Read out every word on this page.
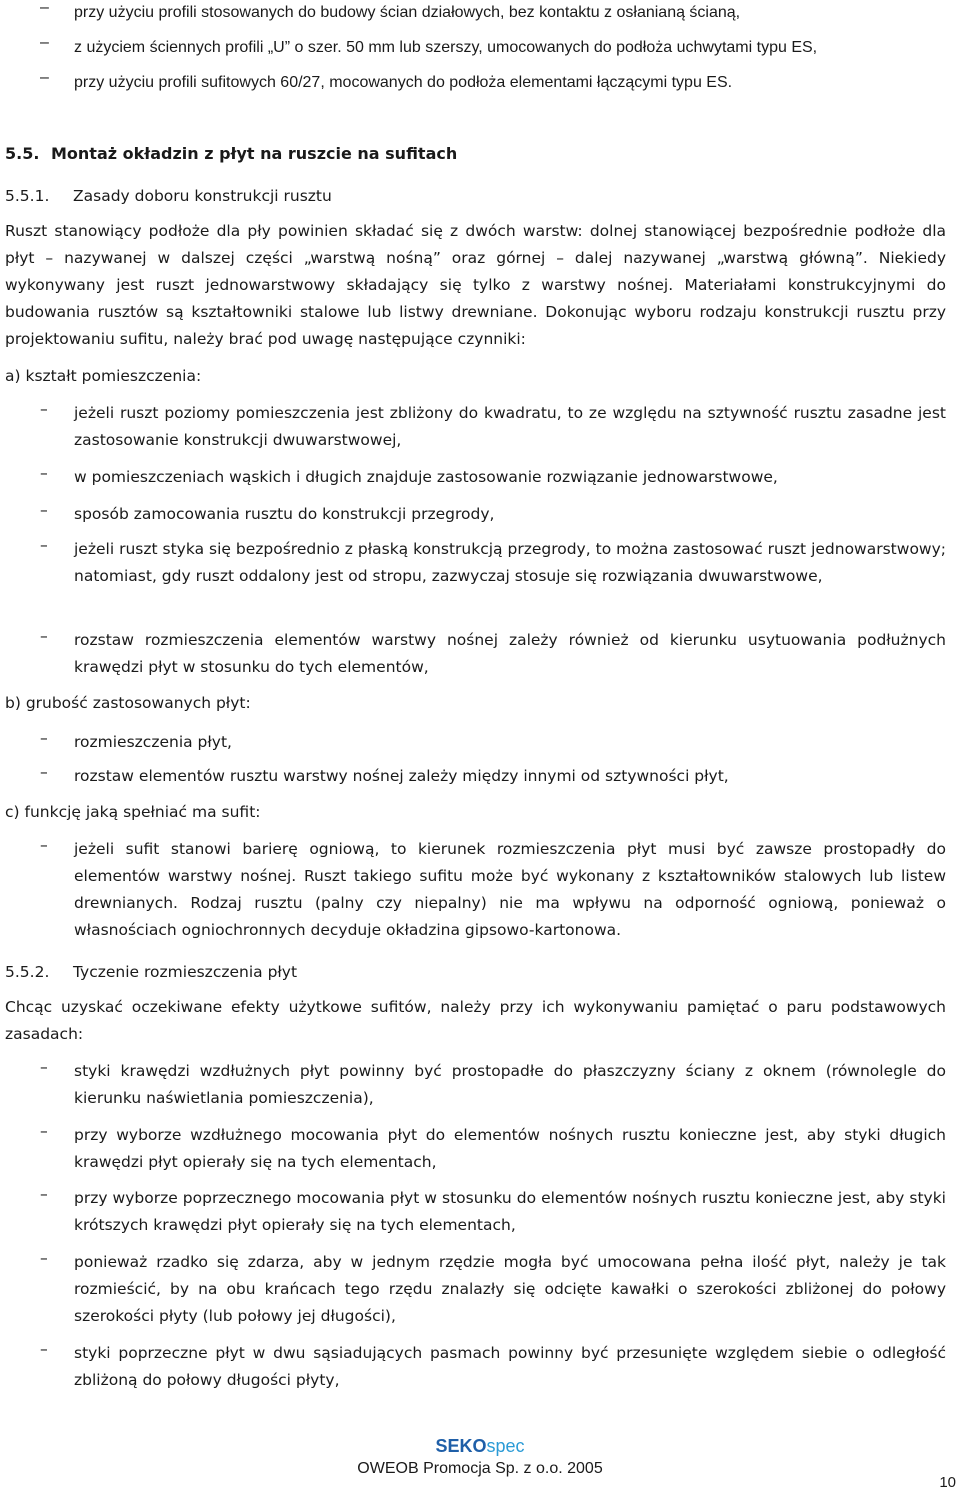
–	przy użyciu profili stosowanych do budowy ścian działowych, bez kontaktu z osłanianą ścianą,
–	z użyciem ściennych profili „U” o szer. 50 mm lub szerszy, umocowanych do podłoża uchwytami typu ES,
–	przy użyciu profili sufitowych 60/27, mocowanych do podłoża elementami łączącymi typu ES.
5.5. Montaż okładzin z płyt na ruszcie na sufitach
5.5.1. Zasady doboru konstrukcji rusztu
Ruszt stanowiący podłoże dla pły powinien składać się z dwóch warstw: dolnej stanowiącej bezpośrednie podłoże dla płyt – nazywanej w dalszej części „warstwą nośną” oraz górnej – dalej nazywanej „warstwą główną”. Niekiedy wykonywany jest ruszt jednowarstwowy składający się tylko z warstwy nośnej. Materiałami konstrukcyjnymi do budowania rusztów są kształtowniki stalowe lub listwy drewniane. Dokonując wyboru rodzaju konstrukcji rusztu przy projektowaniu sufitu, należy brać pod uwagę następujące czynniki:
a) kształt pomieszczenia:
–	jeżeli ruszt poziomy pomieszczenia jest zbliżony do kwadratu, to ze względu na sztywność rusztu zasadne jest zastosowanie konstrukcji dwuwarstwowej,
–	w pomieszczeniach wąskich i długich znajduje zastosowanie rozwiązanie jednowarstwowe,
–	sposób zamocowania rusztu do konstrukcji przegrody,
–	jeżeli ruszt styka się bezpośrednio z płaską konstrukcją przegrody, to można zastosować ruszt jednowarstwowy; natomiast, gdy ruszt oddalony jest od stropu, zazwyczaj stosuje się rozwiązania dwuwarstwowe,
–	rozstaw rozmieszczenia elementów warstwy nośnej zależy również od kierunku usytuowania podłużnych krawędzi płyt w stosunku do tych elementów,
b) grubość zastosowanych płyt:
–	rozmieszczenia płyt,
–	rozstaw elementów rusztu warstwy nośnej zależy między innymi od sztywności płyt,
c) funkcję jaką spełniać ma sufit:
–	jeżeli sufit stanowi barierę ogniową, to kierunek rozmieszczenia płyt musi być zawsze prostopadły do elementów warstwy nośnej. Ruszt takiego sufitu może być wykonany z kształtowników stalowych lub listew drewnianych. Rodzaj rusztu (palny czy niepalny) nie ma wpływu na odporność ogniową, ponieważ o własnościach ogniochronnych decyduje okładzina gipsowo-kartonowa.
5.5.2. Tyczenie rozmieszczenia płyt
Chcąc uzyskać oczekiwane efekty użytkowe sufitów, należy przy ich wykonywaniu pamiętać o paru podstawowych zasadach:
–	styki krawędzi wzdłużnych płyt powinny być prostopadłe do płaszczyzny ściany z oknem (równolegle do kierunku naświetlania pomieszczenia),
–	przy wyborze wzdłużnego mocowania płyt do elementów nośnych rusztu konieczne jest, aby styki długich krawędzi płyt opierały się na tych elementach,
–	przy wyborze poprzecznego mocowania płyt w stosunku do elementów nośnych rusztu konieczne jest, aby styki krótszych krawędzi płyt opierały się na tych elementach,
–	ponieważ rzadko się zdarza, aby w jednym rzędzie mogła być umocowana pełna ilość płyt, należy je tak rozmieścić, by na obu krańcach tego rzędu znalazły się odcięte kawałki o szerokości zbliżonej do połowy szerokości płyty (lub połowy jej długości),
–	styki poprzeczne płyt w dwu sąsiadujących pasmach powinny być przesunięte względem siebie o odległość zbliżoną do połowy długości płyty,
SEKOspec
OWEOB Promocja Sp. z o.o. 2005
10
